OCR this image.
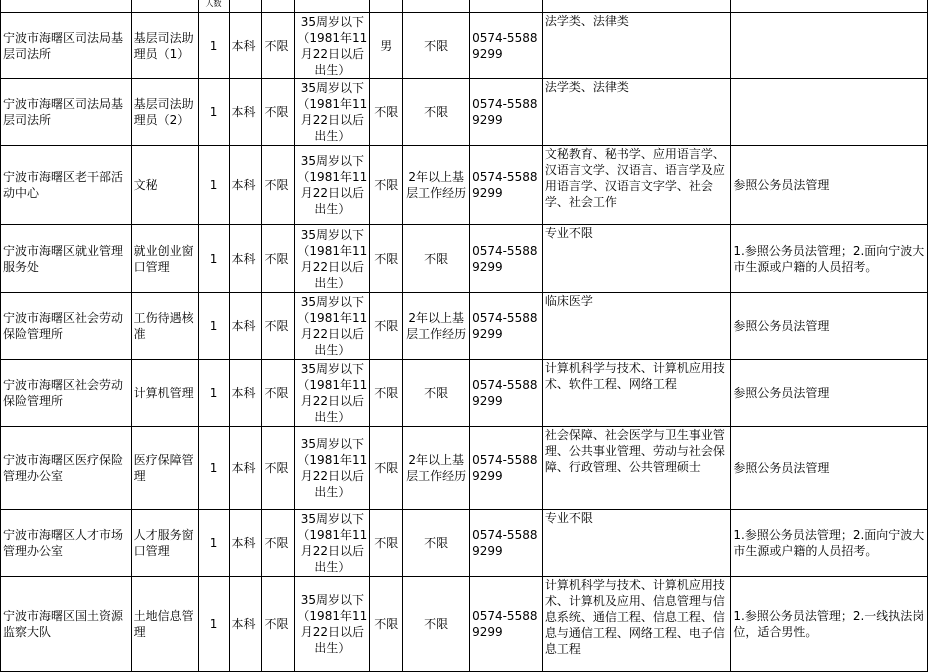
		人数								
宁波市海曙区司法局基层司法所	基层司法助理员（1）	1	本科	不限	35周岁以下（1981年11月22日以后出生）	男	不限	0574-55889299	法学类、法律类	
宁波市海曙区司法局基层司法所	基层司法助理员（2）	1	本科	不限	35周岁以下（1981年11月22日以后出生）	不限	不限	0574-55889299	法学类、法律类	
宁波市海曙区老干部活动中心	文秘	1	本科	不限	35周岁以下（1981年11月22日以后出生）	不限	2年以上基层工作经历	0574-55889299	文秘教育、秘书学、应用语言学、汉语言文学、汉语言、语言学及应用语言学、汉语言文字学、社会学、社会工作	参照公务员法管理
宁波市海曙区就业管理服务处	就业创业窗口管理	1	本科	不限	35周岁以下（1981年11月22日以后出生）	不限	不限	0574-55889299	专业不限	1.参照公务员法管理；2.面向宁波大市生源或户籍的人员招考。
宁波市海曙区社会劳动保险管理所	工伤待遇核准	1	本科	不限	35周岁以下（1981年11月22日以后出生）	不限	2年以上基层工作经历	0574-55889299	临床医学	参照公务员法管理
宁波市海曙区社会劳动保险管理所	计算机管理	1	本科	不限	35周岁以下（1981年11月22日以后出生）	不限	不限	0574-55889299	计算机科学与技术、计算机应用技术、软件工程、网络工程	参照公务员法管理
宁波市海曙区医疗保险管理办公室	医疗保障管理	1	本科	不限	35周岁以下（1981年11月22日以后出生）	不限	2年以上基层工作经历	0574-55889299	社会保障、社会医学与卫生事业管理、公共事业管理、劳动与社会保障、行政管理、公共管理硕士	参照公务员法管理
宁波市海曙区人才市场管理办公室	人才服务窗口管理	1	本科	不限	35周岁以下（1981年11月22日以后出生）	不限	不限	0574-55889299	专业不限	1.参照公务员法管理；2.面向宁波大市生源或户籍的人员招考。
宁波市海曙区国土资源监察大队	土地信息管理	1	本科	不限	35周岁以下（1981年11月22日以后出生）	不限	不限	0574-55889299	计算机科学与技术、计算机应用技术、计算机及应用、信息管理与信息系统、通信工程、信息工程、信息与通信工程、网络工程、电子信息工程	1.参照公务员法管理；2.一线执法岗位，适合男性。
